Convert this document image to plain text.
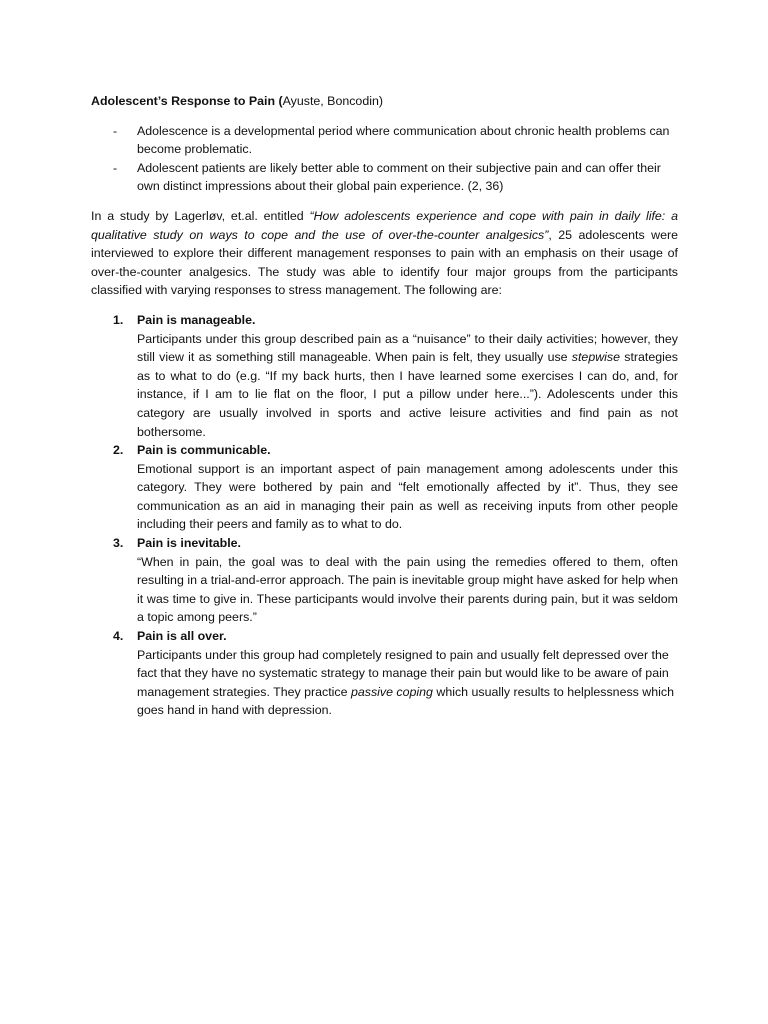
Adolescent’s Response to Pain (Ayuste, Boncodin)

- Adolescence is a developmental period where communication about chronic health problems can become problematic.
- Adolescent patients are likely better able to comment on their subjective pain and can offer their own distinct impressions about their global pain experience. (2, 36)

In a study by Lagerløv, et.al. entitled “How adolescents experience and cope with pain in daily life: a qualitative study on ways to cope and the use of over-the-counter analgesics”, 25 adolescents were interviewed to explore their different management responses to pain with an emphasis on their usage of over-the-counter analgesics. The study was able to identify four major groups from the participants classified with varying responses to stress management. The following are:

1. Pain is manageable.
Participants under this group described pain as a “nuisance” to their daily activities; however, they still view it as something still manageable. When pain is felt, they usually use stepwise strategies as to what to do (e.g. “If my back hurts, then I have learned some exercises I can do, and, for instance, if I am to lie flat on the floor, I put a pillow under here...”). Adolescents under this category are usually involved in sports and active leisure activities and find pain as not bothersome.
2. Pain is communicable.
Emotional support is an important aspect of pain management among adolescents under this category. They were bothered by pain and “felt emotionally affected by it”. Thus, they see communication as an aid in managing their pain as well as receiving inputs from other people including their peers and family as to what to do.
3. Pain is inevitable.
“When in pain, the goal was to deal with the pain using the remedies offered to them, often resulting in a trial-and-error approach. The pain is inevitable group might have asked for help when it was time to give in. These participants would involve their parents during pain, but it was seldom a topic among peers.”
4. Pain is all over.
Participants under this group had completely resigned to pain and usually felt depressed over the fact that they have no systematic strategy to manage their pain but would like to be aware of pain management strategies. They practice passive coping which usually results to helplessness which goes hand in hand with depression.
